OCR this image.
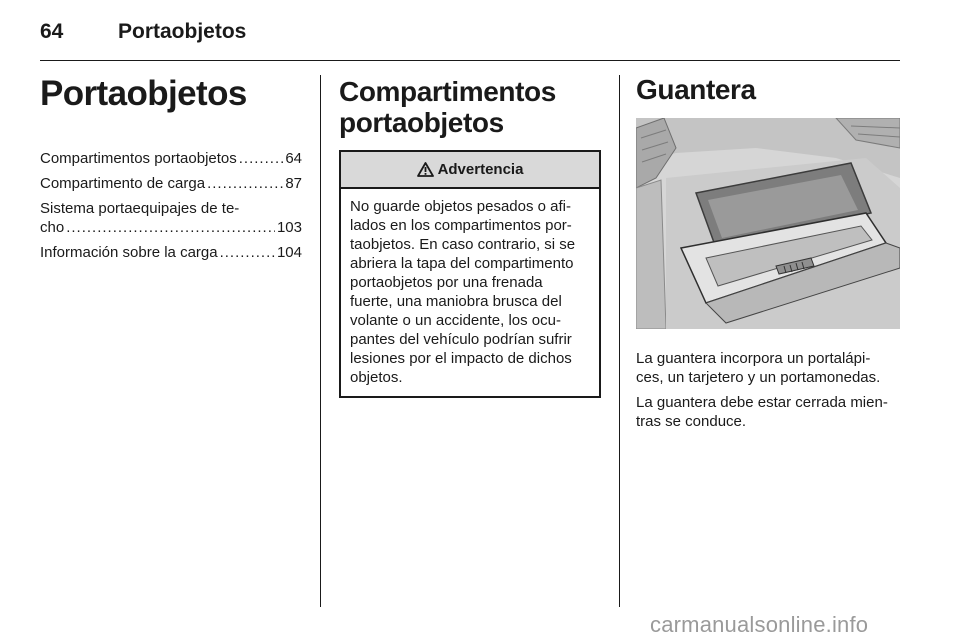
64	Portaobjetos
Portaobjetos
Compartimentos portaobjetos .....	64
Compartimento de carga .....	87
Sistema portaequipajes de te-
cho .....	103
Información sobre la carga .....	104
Compartimentos
portaobjetos
Advertencia
No guarde objetos pesados o afi-
lados en los compartimentos por-
taobjetos. En caso contrario, si se
abriera la tapa del compartimento
portaobjetos por una frenada
fuerte, una maniobra brusca del
volante o un accidente, los ocu-
pantes del vehículo podrían sufrir
lesiones por el impacto de dichos
objetos.
Guantera

La guantera incorpora un portalápi-
ces, un tarjetero y un portamonedas.

La guantera debe estar cerrada mien-
tras se conduce.

carmanualsonline.info
